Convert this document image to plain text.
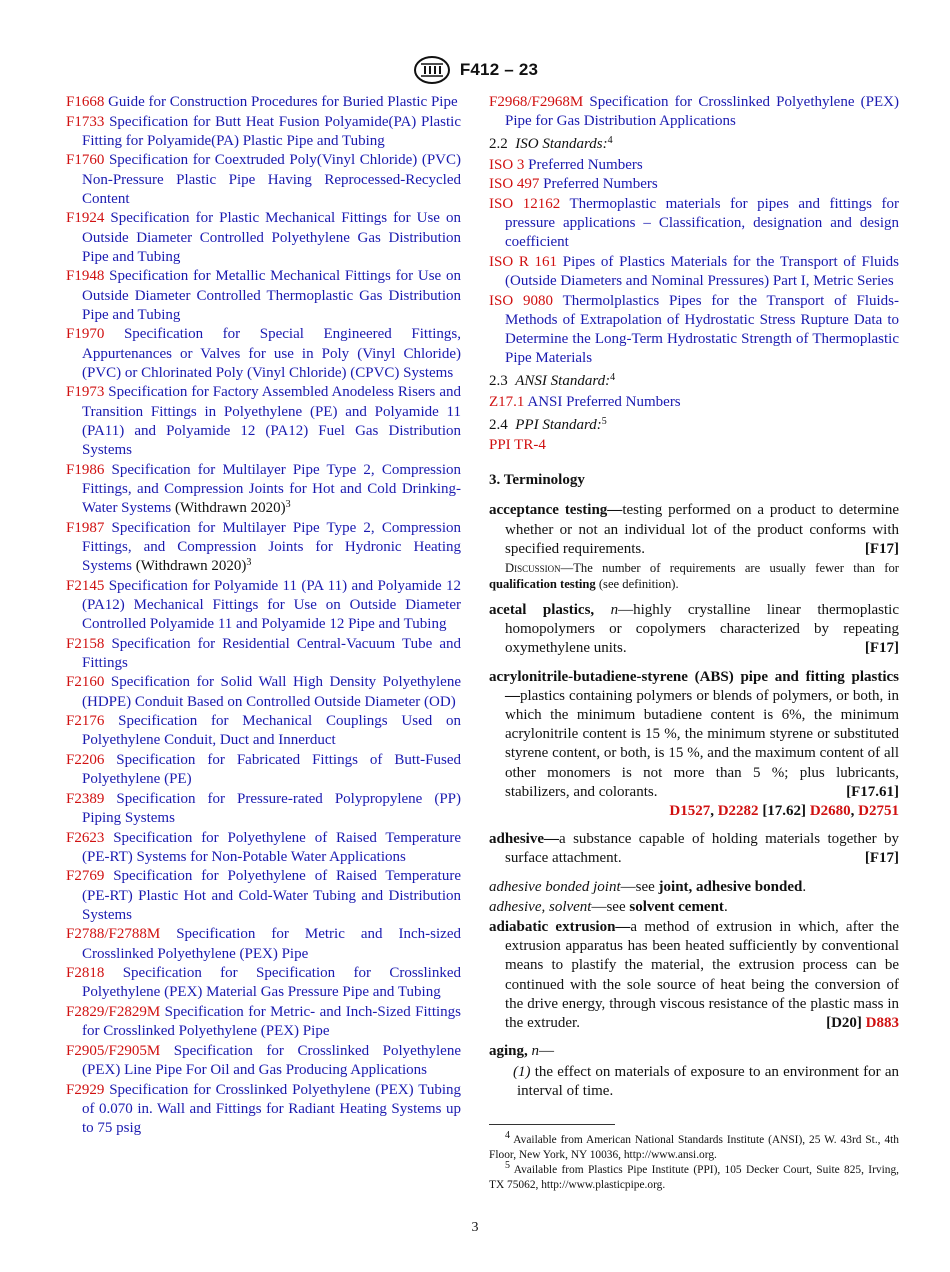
F412 – 23

F1668 Guide for Construction Procedures for Buried Plastic Pipe

F1733 Specification for Butt Heat Fusion Polyamide(PA) Plastic Fitting for Polyamide(PA) Plastic Pipe and Tubing

F1760 Specification for Coextruded Poly(Vinyl Chloride) (PVC) Non-Pressure Plastic Pipe Having Reprocessed-Recycled Content

F1924 Specification for Plastic Mechanical Fittings for Use on Outside Diameter Controlled Polyethylene Gas Distribution Pipe and Tubing

F1948 Specification for Metallic Mechanical Fittings for Use on Outside Diameter Controlled Thermoplastic Gas Distribution Pipe and Tubing

F1970 Specification for Special Engineered Fittings, Appurtenances or Valves for use in Poly (Vinyl Chloride) (PVC) or Chlorinated Poly (Vinyl Chloride) (CPVC) Systems

F1973 Specification for Factory Assembled Anodeless Risers and Transition Fittings in Polyethylene (PE) and Polyamide 11 (PA11) and Polyamide 12 (PA12) Fuel Gas Distribution Systems

F1986 Specification for Multilayer Pipe Type 2, Compression Fittings, and Compression Joints for Hot and Cold Drinking-Water Systems (Withdrawn 2020)$^3$

F1987 Specification for Multilayer Pipe Type 2, Compression Fittings, and Compression Joints for Hydronic Heating Systems (Withdrawn 2020)$^3$

F2145 Specification for Polyamide 11 (PA 11) and Polyamide 12 (PA12) Mechanical Fittings for Use on Outside Diameter Controlled Polyamide 11 and Polyamide 12 Pipe and Tubing

F2158 Specification for Residential Central-Vacuum Tube and Fittings

F2160 Specification for Solid Wall High Density Polyethylene (HDPE) Conduit Based on Controlled Outside Diameter (OD)

F2176 Specification for Mechanical Couplings Used on Polyethylene Conduit, Duct and Innerduct

F2206 Specification for Fabricated Fittings of Butt-Fused Polyethylene (PE)

F2389 Specification for Pressure-rated Polypropylene (PP) Piping Systems

F2623 Specification for Polyethylene of Raised Temperature (PE-RT) Systems for Non-Potable Water Applications

F2769 Specification for Polyethylene of Raised Temperature (PE-RT) Plastic Hot and Cold-Water Tubing and Distribution Systems

F2788/F2788M Specification for Metric and Inch-sized Crosslinked Polyethylene (PEX) Pipe

F2818 Specification for Specification for Crosslinked Polyethylene (PEX) Material Gas Pressure Pipe and Tubing

F2829/F2829M Specification for Metric- and Inch-Sized Fittings for Crosslinked Polyethylene (PEX) Pipe

F2905/F2905M Specification for Crosslinked Polyethylene (PEX) Line Pipe For Oil and Gas Producing Applications

F2929 Specification for Crosslinked Polyethylene (PEX) Tubing of 0.070 in. Wall and Fittings for Radiant Heating Systems up to 75 psig

F2968/F2968M Specification for Crosslinked Polyethylene (PEX) Pipe for Gas Distribution Applications

2.2 ISO Standards:$^4$

ISO 3 Preferred Numbers

ISO 497 Preferred Numbers

ISO 12162 Thermoplastic materials for pipes and fittings for pressure applications – Classification, designation and design coefficient

ISO R 161 Pipes of Plastics Materials for the Transport of Fluids (Outside Diameters and Nominal Pressures) Part I, Metric Series

ISO 9080 Thermolplastics Pipes for the Transport of Fluids-Methods of Extrapolation of Hydrostatic Stress Rupture Data to Determine the Long-Term Hydrostatic Strength of Thermoplastic Pipe Materials

2.3 ANSI Standard:$^4$

Z17.1 ANSI Preferred Numbers

2.4 PPI Standard:$^5$

PPI TR-4

3. Terminology

acceptance testing—testing performed on a product to determine whether or not an individual lot of the product conforms with specified requirements.	[F17]
Discussion—The number of requirements are usually fewer than for qualification testing (see definition).
acetal plastics, n—highly crystalline linear thermoplastic homopolymers or copolymers characterized by repeating oxymethylene units.	[F17]
acrylonitrile-butadiene-styrene (ABS) pipe and fitting plastics —plastics containing polymers or blends of polymers, or both, in which the minimum butadiene content is 6%, the minimum acrylonitrile content is 15 %, the minimum styrene or substituted styrene content, or both, is 15 %, and the maximum content of all other monomers is not more than 5 %; plus lubricants, stabilizers, and colorants.	[F17.61]
D1527, D2282 [17.62] D2680, D2751
adhesive—a substance capable of holding materials together by surface attachment.	[F17]
adhesive bonded joint—see joint, adhesive bonded.
adhesive, solvent—see solvent cement.
adiabatic extrusion—a method of extrusion in which, after the extrusion apparatus has been heated sufficiently by conventional means to plastify the material, the extrusion process can be continued with the sole source of heat being the conversion of the drive energy, through viscous resistance of the plastic mass in the extruder.	[D20] D883
aging, n—
(1) the effect on materials of exposure to an environment for an interval of time.

$^4$ Available from American National Standards Institute (ANSI), 25 W. 43rd St., 4th Floor, New York, NY 10036, http://www.ansi.org.

$^5$ Available from Plastics Pipe Institute (PPI), 105 Decker Court, Suite 825, Irving, TX 75062, http://www.plasticpipe.org.

3
